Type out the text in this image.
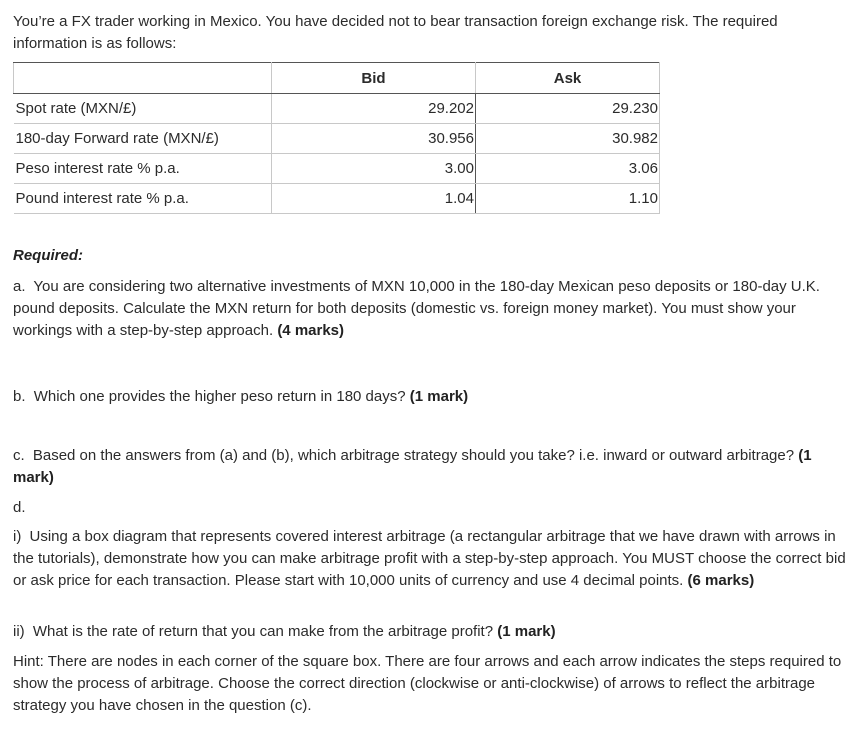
You’re a FX trader working in Mexico. You have decided not to bear transaction foreign exchange risk. The required information is as follows:

	Bid	Ask
Spot rate (MXN/£)	29.202	29.230
180-day Forward rate (MXN/£)	30.956	30.982
Peso interest rate % p.a.	3.00	3.06
Pound interest rate % p.a.	1.04	1.10

Required:

a. You are considering two alternative investments of MXN 10,000 in the 180-day Mexican peso deposits or 180-day U.K. pound deposits. Calculate the MXN return for both deposits (domestic vs. foreign money market). You must show your workings with a step-by-step approach. (4 marks)

b. Which one provides the higher peso return in 180 days? (1 mark)

c. Based on the answers from (a) and (b), which arbitrage strategy should you take? i.e. inward or outward arbitrage? (1 mark)

d.

i) Using a box diagram that represents covered interest arbitrage (a rectangular arbitrage that we have drawn with arrows in the tutorials), demonstrate how you can make arbitrage profit with a step-by-step approach. You MUST choose the correct bid or ask price for each transaction. Please start with 10,000 units of currency and use 4 decimal points. (6 marks)

ii) What is the rate of return that you can make from the arbitrage profit? (1 mark)

Hint: There are nodes in each corner of the square box. There are four arrows and each arrow indicates the steps required to show the process of arbitrage. Choose the correct direction (clockwise or anti-clockwise) of arrows to reflect the arbitrage strategy you have chosen in the question (c).
